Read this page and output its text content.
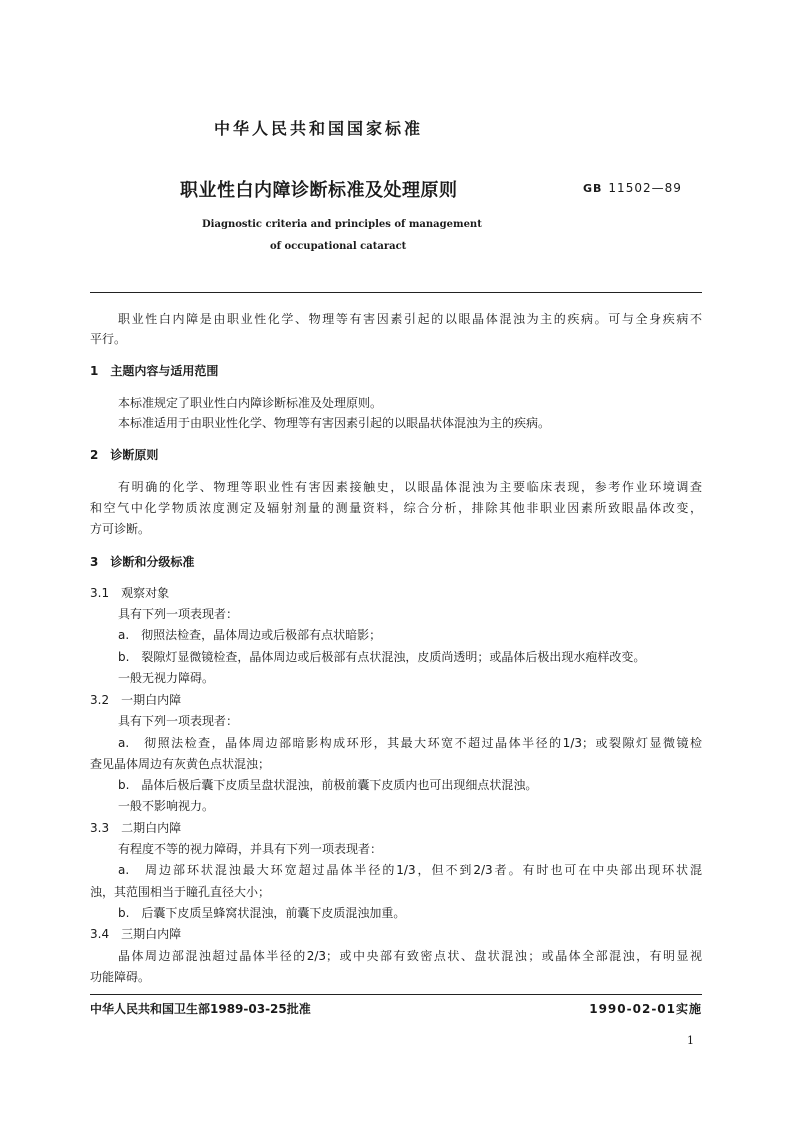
中华人民共和国国家标准
职业性白内障诊断标准及处理原则	GB 11502—89
Diagnostic criteria and principles of management
of occupational cataract
职业性白内障是由职业性化学、物理等有害因素引起的以眼晶体混浊为主的疾病。可与全身疾病不
平行。
1　主题内容与适用范围
本标准规定了职业性白内障诊断标准及处理原则。
本标准适用于由职业性化学、物理等有害因素引起的以眼晶状体混浊为主的疾病。
2　诊断原则
有明确的化学、物理等职业性有害因素接触史，以眼晶体混浊为主要临床表现，参考作业环境调查
和空气中化学物质浓度测定及辐射剂量的测量资料，综合分析，排除其他非职业因素所致眼晶体改变，
方可诊断。
3　诊断和分级标准
3.1　观察对象
具有下列一项表现者：
a.　彻照法检查，晶体周边或后极部有点状暗影；
b.　裂隙灯显微镜检查，晶体周边或后极部有点状混浊，皮质尚透明；或晶体后极出现水疱样改变。
一般无视力障碍。
3.2　一期白内障
具有下列一项表现者：
a.　彻照法检查，晶体周边部暗影构成环形，其最大环宽不超过晶体半径的1/3；或裂隙灯显微镜检
查见晶体周边有灰黄色点状混浊；
b.　晶体后极后囊下皮质呈盘状混浊，前极前囊下皮质内也可出现细点状混浊。
一般不影响视力。
3.3　二期白内障
有程度不等的视力障碍，并具有下列一项表现者：
a.　周边部环状混浊最大环宽超过晶体半径的1/3，但不到2/3者。有时也可在中央部出现环状混
浊，其范围相当于瞳孔直径大小；
b.　后囊下皮质呈蜂窝状混浊，前囊下皮质混浊加重。
3.4　三期白内障
晶体周边部混浊超过晶体半径的2/3；或中央部有致密点状、盘状混浊；或晶体全部混浊，有明显视
功能障碍。
中华人民共和国卫生部1989-03-25批准	1990-02-01实施
1
